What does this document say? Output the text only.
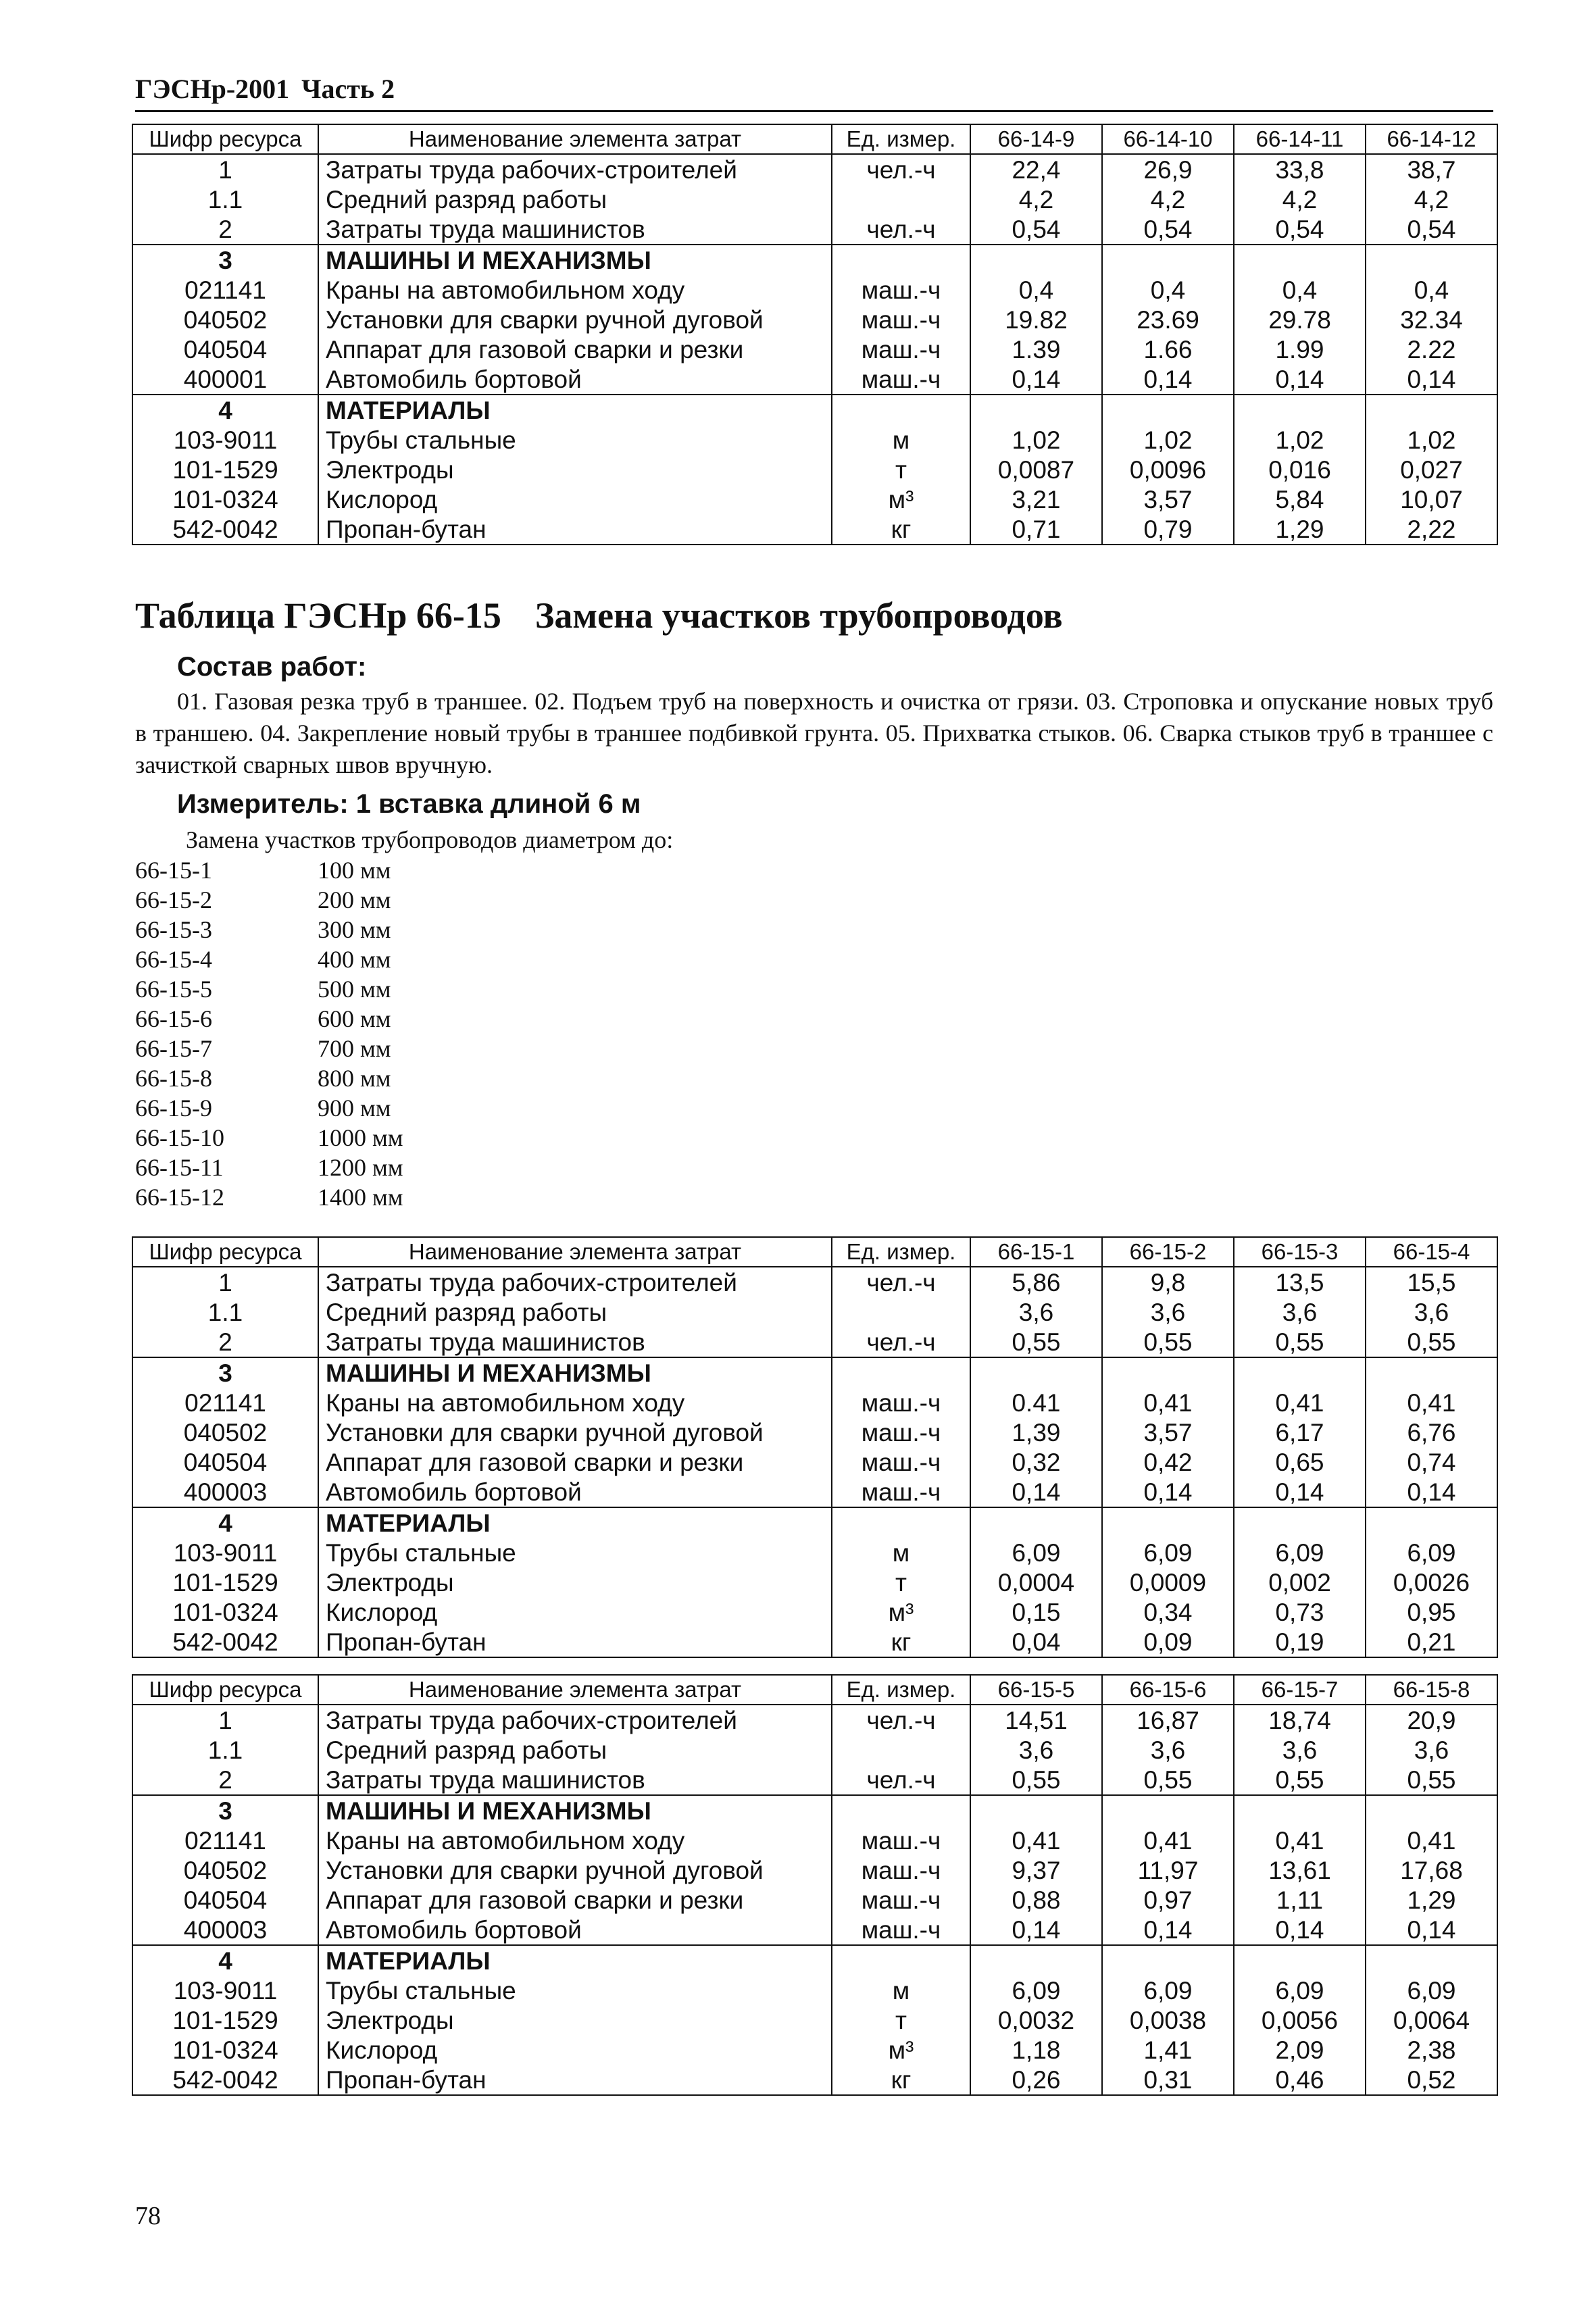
ГЭСНр-2001 Часть 2
Шифр ресурса	Наименование элемента затрат	Ед. измер.	66-14-9	66-14-10	66-14-11	66-14-12
1	Затраты труда рабочих-строителей	чел.-ч	22,4	26,9	33,8	38,7
1.1	Средний разряд работы		4,2	4,2	4,2	4,2
2	Затраты труда машинистов	чел.-ч	0,54	0,54	0,54	0,54
3	МАШИНЫ И МЕХАНИЗМЫ					
021141	Краны на автомобильном ходу	маш.-ч	0,4	0,4	0,4	0,4
040502	Установки для сварки ручной дуговой	маш.-ч	19.82	23.69	29.78	32.34
040504	Аппарат для газовой сварки и резки	маш.-ч	1.39	1.66	1.99	2.22
400001	Автомобиль бортовой	маш.-ч	0,14	0,14	0,14	0,14
4	МАТЕРИАЛЫ					
103-9011	Трубы стальные	м	1,02	1,02	1,02	1,02
101-1529	Электроды	т	0,0087	0,0096	0,016	0,027
101-0324	Кислород	м³	3,21	3,57	5,84	10,07
542-0042	Пропан-бутан	кг	0,71	0,79	1,29	2,22
Таблица ГЭСНр 66-15 Замена участков трубопроводов
Состав работ:
01. Газовая резка труб в траншее. 02. Подъем труб на поверхность и очистка от грязи. 03. Строповка и опускание новых труб в траншею. 04. Закрепление новый трубы в траншее подбивкой грунта. 05. Прихватка стыков. 06. Сварка стыков труб в траншее с зачисткой сварных швов вручную.
Измеритель: 1 вставка длиной 6 м
Замена участков трубопроводов диаметром до:
66-15-1	100 мм
66-15-2	200 мм
66-15-3	300 мм
66-15-4	400 мм
66-15-5	500 мм
66-15-6	600 мм
66-15-7	700 мм
66-15-8	800 мм
66-15-9	900 мм
66-15-10	1000 мм
66-15-11	1200 мм
66-15-12	1400 мм
Шифр ресурса	Наименование элемента затрат	Ед. измер.	66-15-1	66-15-2	66-15-3	66-15-4
1	Затраты труда рабочих-строителей	чел.-ч	5,86	9,8	13,5	15,5
1.1	Средний разряд работы		3,6	3,6	3,6	3,6
2	Затраты труда машинистов	чел.-ч	0,55	0,55	0,55	0,55
3	МАШИНЫ И МЕХАНИЗМЫ					
021141	Краны на автомобильном ходу	маш.-ч	0.41	0,41	0,41	0,41
040502	Установки для сварки ручной дуговой	маш.-ч	1,39	3,57	6,17	6,76
040504	Аппарат для газовой сварки и резки	маш.-ч	0,32	0,42	0,65	0,74
400003	Автомобиль бортовой	маш.-ч	0,14	0,14	0,14	0,14
4	МАТЕРИАЛЫ					
103-9011	Трубы стальные	м	6,09	6,09	6,09	6,09
101-1529	Электроды	т	0,0004	0,0009	0,002	0,0026
101-0324	Кислород	м³	0,15	0,34	0,73	0,95
542-0042	Пропан-бутан	кг	0,04	0,09	0,19	0,21
Шифр ресурса	Наименование элемента затрат	Ед. измер.	66-15-5	66-15-6	66-15-7	66-15-8
1	Затраты труда рабочих-строителей	чел.-ч	14,51	16,87	18,74	20,9
1.1	Средний разряд работы		3,6	3,6	3,6	3,6
2	Затраты труда машинистов	чел.-ч	0,55	0,55	0,55	0,55
3	МАШИНЫ И МЕХАНИЗМЫ					
021141	Краны на автомобильном ходу	маш.-ч	0,41	0,41	0,41	0,41
040502	Установки для сварки ручной дуговой	маш.-ч	9,37	11,97	13,61	17,68
040504	Аппарат для газовой сварки и резки	маш.-ч	0,88	0,97	1,11	1,29
400003	Автомобиль бортовой	маш.-ч	0,14	0,14	0,14	0,14
4	МАТЕРИАЛЫ					
103-9011	Трубы стальные	м	6,09	6,09	6,09	6,09
101-1529	Электроды	т	0,0032	0,0038	0,0056	0,0064
101-0324	Кислород	м³	1,18	1,41	2,09	2,38
542-0042	Пропан-бутан	кг	0,26	0,31	0,46	0,52
78
